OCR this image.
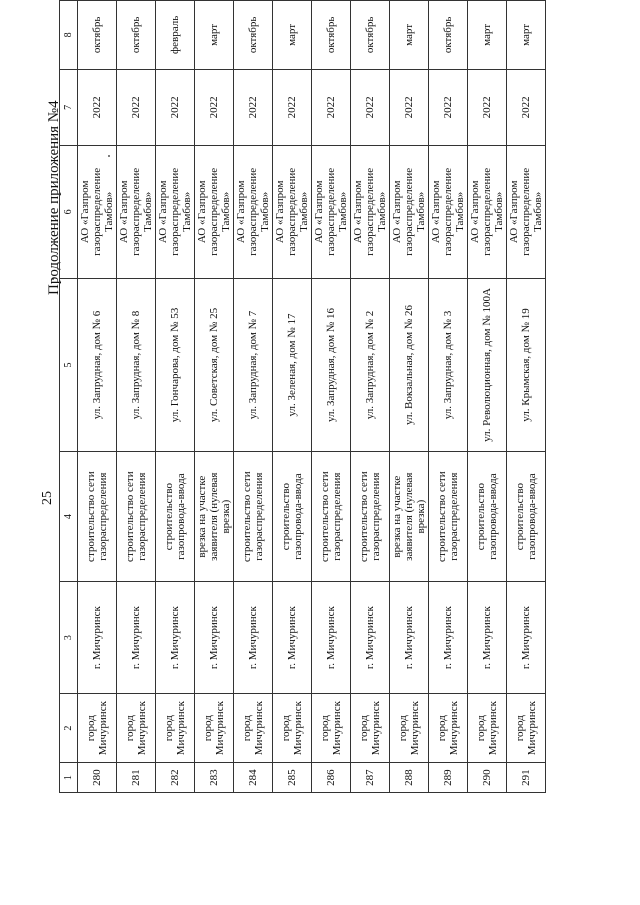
25
Продолжение приложения №4
1	2	3	4	5	6	7	8
280	город Мичуринск	г. Мичуринск	строительство сети газораспределения	ул. Запрудная, дом № 6	АО «Газпром газораспределение Тамбов»	2022	октябрь
281	город Мичуринск	г. Мичуринск	строительство сети газораспределения	ул. Запрудная, дом № 8	АО «Газпром газораспределение Тамбов»	2022	октябрь
282	город Мичуринск	г. Мичуринск	строительство газопровода-ввода	ул. Гончарова, дом № 53	АО «Газпром газораспределение Тамбов»	2022	февраль
283	город Мичуринск	г. Мичуринск	врезка на участке заявителя (нулевая врезка)	ул. Советская, дом № 25	АО «Газпром газораспределение Тамбов»	2022	март
284	город Мичуринск	г. Мичуринск	строительство сети газораспределения	ул. Запрудная, дом № 7	АО «Газпром газораспределение Тамбов»	2022	октябрь
285	город Мичуринск	г. Мичуринск	строительство газопровода-ввода	ул. Зеленая, дом № 17	АО «Газпром газораспределение Тамбов»	2022	март
286	город Мичуринск	г. Мичуринск	строительство сети газораспределения	ул. Запрудная, дом № 16	АО «Газпром газораспределение Тамбов»	2022	октябрь
287	город Мичуринск	г. Мичуринск	строительство сети газораспределения	ул. Запрудная, дом № 2	АО «Газпром газораспределение Тамбов»	2022	октябрь
288	город Мичуринск	г. Мичуринск	врезка на участке заявителя (нулевая врезка)	ул. Вокзальная, дом № 26	АО «Газпром газораспределение Тамбов»	2022	март
289	город Мичуринск	г. Мичуринск	строительство сети газораспределения	ул. Запрудная, дом № 3	АО «Газпром газораспределение Тамбов»	2022	октябрь
290	город Мичуринск	г. Мичуринск	строительство газопровода-ввода	ул. Революционная, дом № 100А	АО «Газпром газораспределение Тамбов»	2022	март
291	город Мичуринск	г. Мичуринск	строительство газопровода-ввода	ул. Крымская, дом № 19	АО «Газпром газораспределение Тамбов»	2022	март
